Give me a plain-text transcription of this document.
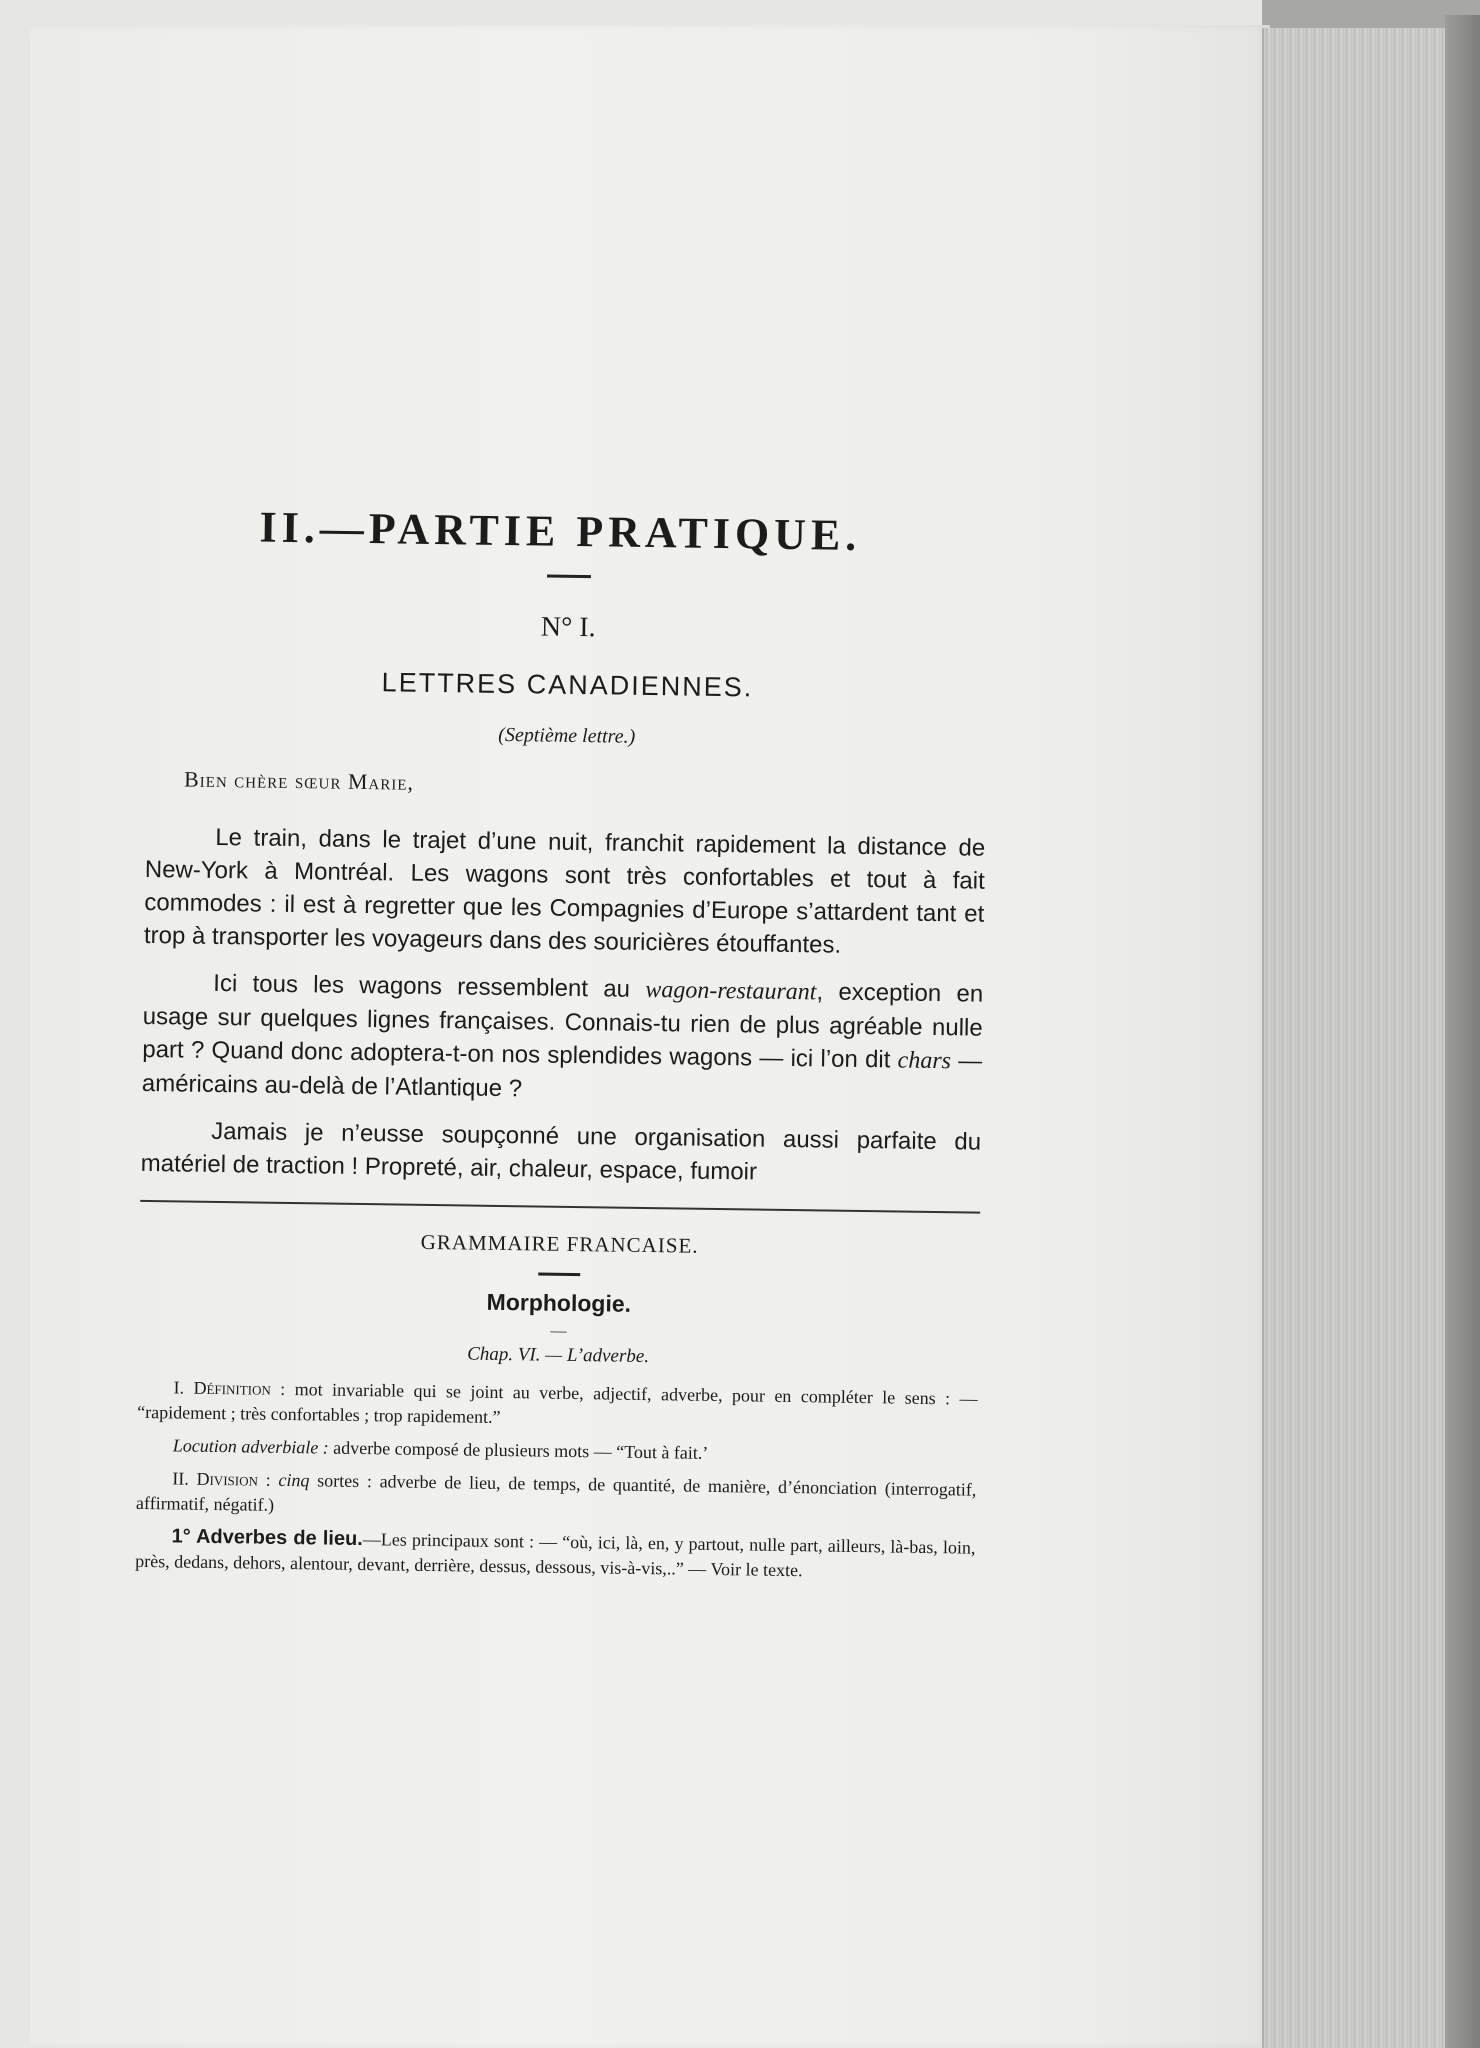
II.—PARTIE PRATIQUE.
N° I.
LETTRES CANADIENNES.
(Septième lettre.)
Bien chère sœur Marie,

Le train, dans le trajet d’une nuit, franchit rapidement la distance de New-York à Montréal. Les wagons sont très confortables et tout à fait commodes : il est à regretter que les Compagnies d’Europe s’attardent tant et trop à transporter les voyageurs dans des souricières étouffantes.

Ici tous les wagons ressemblent au wagon-restaurant, exception en usage sur quelques lignes françaises. Connais-tu rien de plus agréable nulle part ? Quand donc adoptera-t-on nos splendides wagons — ici l’on dit chars — américains au-delà de l’Atlantique ?

Jamais je n’eusse soupçonné une organisation aussi parfaite du matériel de traction ! Propreté, air, chaleur, espace, fumoir

GRAMMAIRE FRANCAISE.
Morphologie.
—
Chap. VI. — L’adverbe.

I. Définition : mot invariable qui se joint au verbe, adjectif, adverbe, pour en compléter le sens : — “rapidement ; très confortables ; trop rapidement.”

Locution adverbiale : adverbe composé de plusieurs mots — “Tout à fait.’

II. Division : cinq sortes : adverbe de lieu, de temps, de quantité, de manière, d’énonciation (interrogatif, affirmatif, négatif.)

1° Adverbes de lieu.—Les principaux sont : — “où, ici, là, en, y partout, nulle part, ailleurs, là-bas, loin, près, dedans, dehors, alentour, devant, derrière, dessus, dessous, vis-à-vis,..” — Voir le texte.
